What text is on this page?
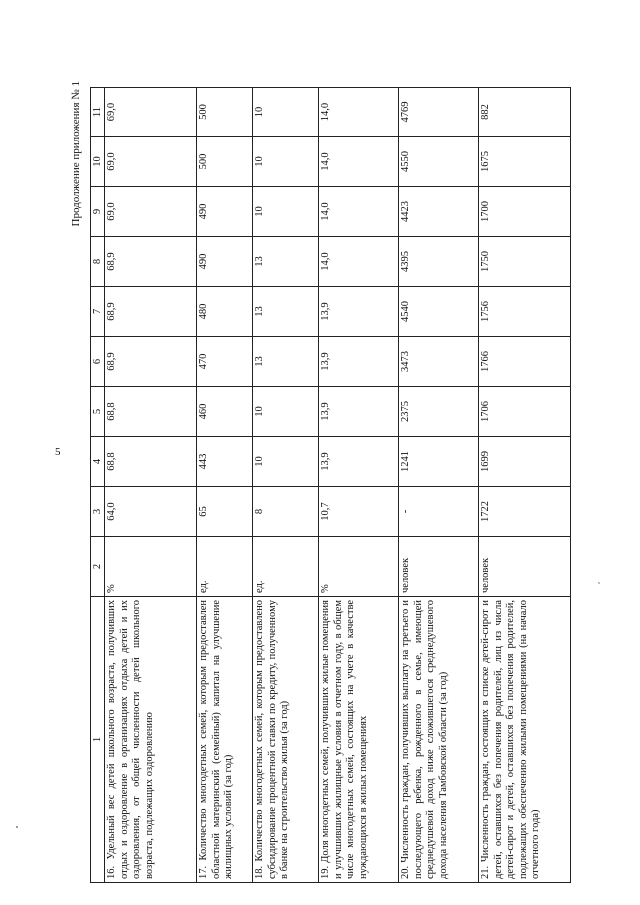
5
Продолжение приложения № 1
1	2	3	4	5	6	7	8	9	10	11
16. Удельный вес детей школьного возраста, получивших отдых и оздоровление в организациях отдыха детей и их оздоровления, от общей численности детей школьного возраста, подлежащих оздоровлению	%	64,0	68,8	68,8	68,9	68,9	68,9	69,0	69,0	69,0
17. Количество многодетных семей, которым предоставлен областной материнский (семейный) капитал на улучшение жилищных условий (за год)	ед.	65	443	460	470	480	490	490	500	500
18. Количество многодетных семей, которым предоставлено субсидирование процентной ставки по кредиту, полученному в банке на строительство жилья (за год)	ед.	8	10	10	13	13	13	10	10	10
19. Доля многодетных семей, получивших жилые помещения и улучшивших жилищные условия в отчетном году, в общем числе многодетных семей, состоящих на учете в качестве нуждающихся в жилых помещениях	%	10,7	13,9	13,9	13,9	13,9	14,0	14,0	14,0	14,0
20. Численность граждан, получивших выплату на третьего и последующего ребенка, рожденного в семье, имеющей среднедушевой доход ниже сложившегося среднедушевого дохода населения Тамбовской области (за год)	человек	-	1241	2375	3473	4540	4395	4423	4550	4769
21. Численность граждан, состоящих в списке детей-сирот и детей, оставшихся без попечения родителей, лиц из числа детей-сирот и детей, оставшихся без попечения родителей, подлежащих обеспечению жилыми помещениями (на начало отчетного года)	человек	1722	1699	1706	1766	1756	1750	1700	1675	882
